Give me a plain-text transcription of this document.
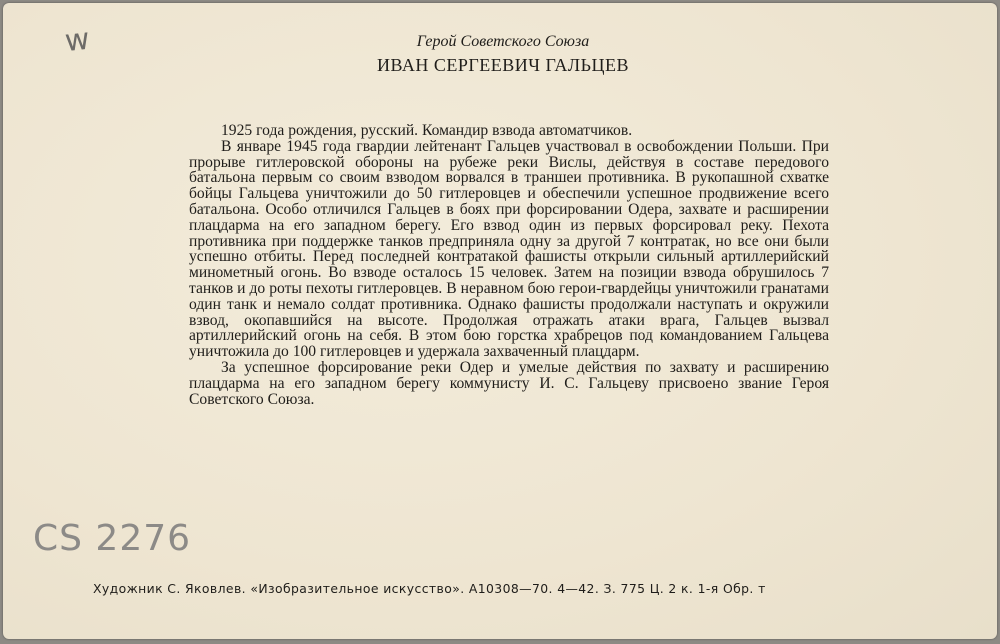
w	Герой Советского Союза
ИВАН СЕРГЕЕВИЧ ГАЛЬЦЕВ

1925 года рождения, русский. Командир взвода автоматчиков.

В январе 1945 года гвардии лейтенант Гальцев участвовал в освобождении Польши. При прорыве гитлеровской обороны на рубеже реки Вислы, действуя в составе передового батальона первым со своим взводом ворвался в траншеи противника. В рукопашной схватке бойцы Гальцева уничтожили до 50 гитлеровцев и обеспечили успешное продвижение всего батальона. Особо отличился Гальцев в боях при форсировании Одера, захвате и расширении плацдарма на его западном берегу. Его взвод один из первых форсировал реку. Пехота противника при поддержке танков предприняла одну за другой 7 контратак, но все они были успешно отбиты. Перед последней контратакой фашисты открыли сильный артиллерийский минометный огонь. Во взводе осталось 15 человек. Затем на позиции взвода обрушилось 7 танков и до роты пехоты гитлеровцев. В неравном бою герои-гвардейцы уничтожили гранатами один танк и немало солдат противника. Однако фашисты продолжали наступать и окружили взвод, окопавшийся на высоте. Продолжая отражать атаки врага, Гальцев вызвал артиллерийский огонь на себя. В этом бою горстка храбрецов под командованием Гальцева уничтожила до 100 гитлеровцев и удержала захваченный плацдарм.

За успешное форсирование реки Одер и умелые действия по захвату и расширению плацдарма на его западном берегу коммунисту И. С. Гальцеву присвоено звание Героя Советского Союза.

CS 2276
Художник С. Яковлев. «Изобразительное искусство». А10308—70. 4—42. З. 775 Ц. 2 к. 1-я Обр. т
